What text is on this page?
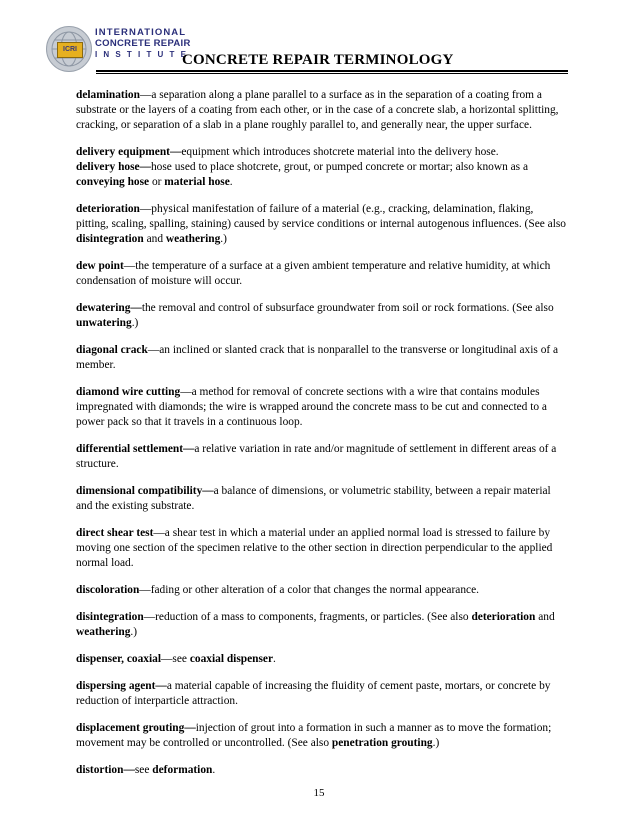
ICRI
INTERNATIONAL
CONCRETE REPAIR
INSTITUTE
CONCRETE REPAIR TERMINOLOGY

delamination—a separation along a plane parallel to a surface as in the separation of a coating from a substrate or the layers of a coating from each other, or in the case of a concrete slab, a horizontal splitting, cracking, or separation of a slab in a plane roughly parallel to, and generally near, the upper surface.

delivery equipment—equipment which introduces shotcrete material into the delivery hose.

delivery hose—hose used to place shotcrete, grout, or pumped concrete or mortar; also known as a conveying hose or material hose.

deterioration—physical manifestation of failure of a material (e.g., cracking, delamination, flaking, pitting, scaling, spalling, staining) caused by service conditions or internal autogenous influences. (See also disintegration and weathering.)

dew point—the temperature of a surface at a given ambient temperature and relative humidity, at which condensation of moisture will occur.

dewatering—the removal and control of subsurface groundwater from soil or rock formations. (See also unwatering.)

diagonal crack—an inclined or slanted crack that is nonparallel to the transverse or longitudinal axis of a member.

diamond wire cutting—a method for removal of concrete sections with a wire that contains modules impregnated with diamonds; the wire is wrapped around the concrete mass to be cut and connected to a power pack so that it travels in a continuous loop.

differential settlement—a relative variation in rate and/or magnitude of settlement in different areas of a structure.

dimensional compatibility—a balance of dimensions, or volumetric stability, between a repair material and the existing substrate.

direct shear test—a shear test in which a material under an applied normal load is stressed to failure by moving one section of the specimen relative to the other section in direction perpendicular to the applied normal load.

discoloration—fading or other alteration of a color that changes the normal appearance.

disintegration—reduction of a mass to components, fragments, or particles. (See also deterioration and weathering.)

dispenser, coaxial—see coaxial dispenser.

dispersing agent—a material capable of increasing the fluidity of cement paste, mortars, or concrete by reduction of interparticle attraction.

displacement grouting—injection of grout into a formation in such a manner as to move the formation; movement may be controlled or uncontrolled. (See also penetration grouting.)

distortion—see deformation.

15
